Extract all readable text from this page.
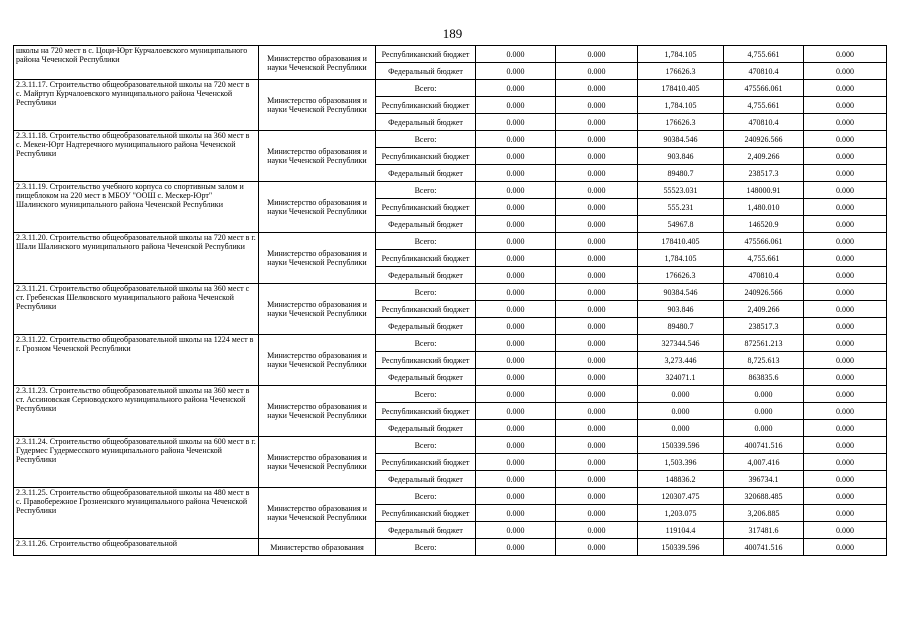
189
школы на 720 мест в с. Цоци-Юрт Курчалоевского муниципального района Чеченской Республики	Министерство образования и науки Чеченской Республики	Республиканский бюджет	0.000	0.000	1,784.105	4,755.661	0.000
		Федеральный бюджет	0.000	0.000	176626.3	470810.4	0.000
2.3.11.17. Строительство общеобразовательной школы на 720 мест в с. Майртуп Курчалоевского муниципального района Чеченской Республики	Министерство образования и науки Чеченской Республики	Всего:	0.000	0.000	178410.405	475566.061	0.000
		Республиканский бюджет	0.000	0.000	1,784.105	4,755.661	0.000
		Федеральный бюджет	0.000	0.000	176626.3	470810.4	0.000
2.3.11.18. Строительство общеобразовательной школы на 360 мест в с. Мекен-Юрт Надтеречного муниципального района Чеченской Республики	Министерство образования и науки Чеченской Республики	Всего:	0.000	0.000	90384.546	240926.566	0.000
		Республиканский бюджет	0.000	0.000	903.846	2,409.266	0.000
		Федеральный бюджет	0.000	0.000	89480.7	238517.3	0.000
2.3.11.19. Строительство учебного корпуса со спортивным залом и пищеблоком на 220 мест в МБОУ "ООШ с. Мескер-Юрт" Шалинского муниципального района Чеченской Республики	Министерство образования и науки Чеченской Республики	Всего:	0.000	0.000	55523.031	148000.91	0.000
		Республиканский бюджет	0.000	0.000	555.231	1,480.010	0.000
		Федеральный бюджет	0.000	0.000	54967.8	146520.9	0.000
2.3.11.20. Строительство общеобразовательной школы на 720 мест в г. Шали Шалинского муниципального района Чеченской Республики	Министерство образования и науки Чеченской Республики	Всего:	0.000	0.000	178410.405	475566.061	0.000
		Республиканский бюджет	0.000	0.000	1,784.105	4,755.661	0.000
		Федеральный бюджет	0.000	0.000	176626.3	470810.4	0.000
2.3.11.21. Строительство общеобразовательной школы на 360 мест с ст. Гребенская Шелковского муниципального района Чеченской Республики	Министерство образования и науки Чеченской Республики	Всего:	0.000	0.000	90384.546	240926.566	0.000
		Республиканский бюджет	0.000	0.000	903.846	2,409.266	0.000
		Федеральный бюджет	0.000	0.000	89480.7	238517.3	0.000
2.3.11.22. Строительство общеобразовательной школы на 1224 мест в г. Грозном Чеченской Республики	Министерство образования и науки Чеченской Республики	Всего:	0.000	0.000	327344.546	872561.213	0.000
		Республиканский бюджет	0.000	0.000	3,273.446	8,725.613	0.000
		Федеральный бюджет	0.000	0.000	324071.1	863835.6	0.000
2.3.11.23. Строительство общеобразовательной школы на 360 мест в ст. Ассиновская Серноводского муниципального района Чеченской Республики	Министерство образования и науки Чеченской Республики	Всего:	0.000	0.000	0.000	0.000	0.000
		Республиканский бюджет	0.000	0.000	0.000	0.000	0.000
		Федеральный бюджет	0.000	0.000	0.000	0.000	0.000
2.3.11.24. Строительство общеобразовательной школы на 600 мест в г. Гудермес Гудермесского муниципального района Чеченской Республики	Министерство образования и науки Чеченской Республики	Всего:	0.000	0.000	150339.596	400741.516	0.000
		Республиканский бюджет	0.000	0.000	1,503.396	4,007.416	0.000
		Федеральный бюджет	0.000	0.000	148836.2	396734.1	0.000
2.3.11.25. Строительство общеобразовательной школы на 480 мест в с. Правобережное Грозненского муниципального района Чеченской Республики	Министерство образования и науки Чеченской Республики	Всего:	0.000	0.000	120307.475	320688.485	0.000
		Республиканский бюджет	0.000	0.000	1,203.075	3,206.885	0.000
		Федеральный бюджет	0.000	0.000	119104.4	317481.6	0.000
2.3.11.26. Строительство общеобразовательной	Министерство образования	Всего:	0.000	0.000	150339.596	400741.516	0.000
